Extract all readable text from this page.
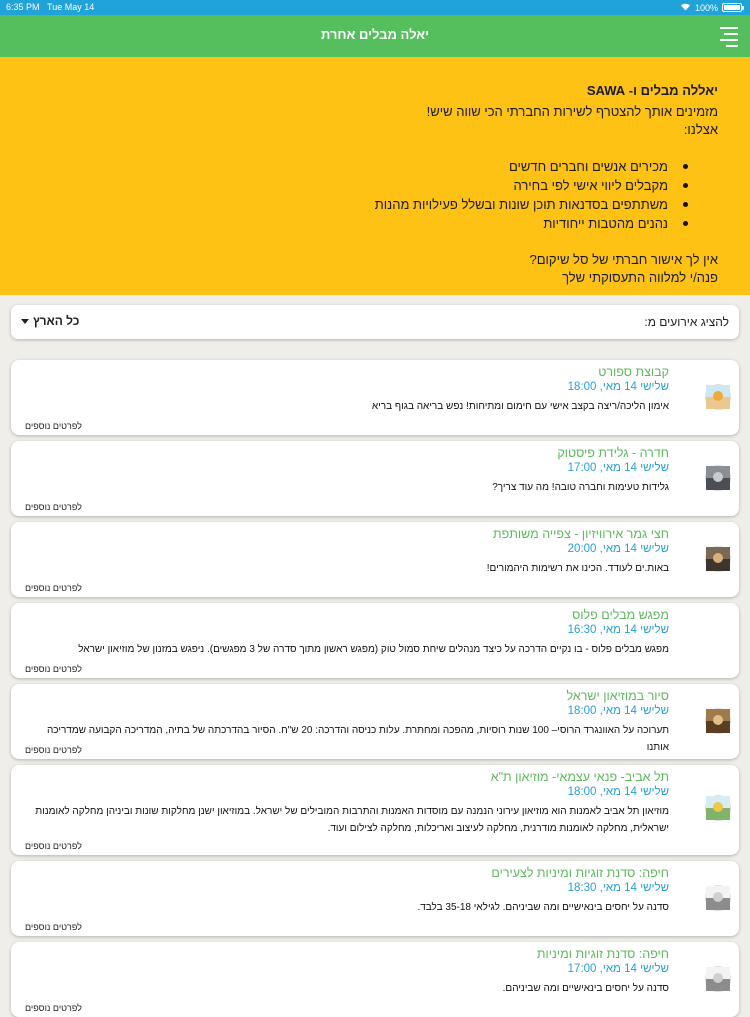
6:35 PM Tue May 14	100%
יאלה מבלים אחרת
יאללה מבלים ו- SAWA

מזמינים אותך להצטרף לשירות החברתי הכי שווה שיש!

אצלנו:

מכירים אנשים וחברים חדשים
מקבלים ליווי אישי לפי בחירה
משתתפים בסדנאות תוכן שונות ובשלל פעילויות מהנות
נהנים מהטבות ייחודיות

אין לך אישור חברתי של סל שיקום?

פנה/י למלווה התעסוקתי שלך

להציג אירועים מ:
כל הארץ
קבוצת ספורט
שלישי 14 מאי, 18:00
אימון הליכה/ריצה בקצב אישי עם חימום ומתיחות! נפש בריאה בגוף בריא
לפרטים נוספים
חדרה - גלידת פיסטוק
שלישי 14 מאי, 17:00
גלידות טעימות וחברה טובה! מה עוד צריך?
לפרטים נוספים
חצי גמר אירוויזיון - צפייה משותפת
שלישי 14 מאי, 20:00
באות.ים לעודד. הכינו את רשימות היהמורים!
לפרטים נוספים
מפגש מבלים פלוס
שלישי 14 מאי, 16:30
מפגש מבלים פלוס - בו נקיים הדרכה על כיצד מנהלים שיחת סמול טוק (מפגש ראשון מתוך סדרה של 3 מפגשים). ניפגש במזנון של מוזיאון ישראל
לפרטים נוספים
סיור במוזיאון ישראל
שלישי 14 מאי, 18:00
תערוכה על האוונגרד הרוסי– 100 שנות רוסיות, מהפכה ומחתרת. עלות כניסה והדרכה: 20 ש"ח. הסיור בהדרכתה של בתיה, המדריכה הקבועה שמדריכה אותנו
לפרטים נוספים
תל אביב- פנאי עצמאי- מוזיאון ת"א
שלישי 14 מאי, 18:00
מוזיאון תל אביב לאמנות הוא מוזיאון עירוני הנמנה עם מוסדות האמנות והתרבות המובילים של ישראל. במוזיאון ישנן מחלקות שונות וביניהן מחלקה לאומנות ישראלית, מחלקה לאומנות מודרנית, מחלקה לעיצוב ואריכלות, מחלקה לצילום ועוד.
לפרטים נוספים
חיפה: סדנת זוגיות ומיניות לצעירים
שלישי 14 מאי, 18:30
סדנה על יחסים בינאישיים ומה שביניהם. לגילאי 35-18 בלבד.
לפרטים נוספים
חיפה: סדנת זוגיות ומיניות
שלישי 14 מאי, 17:00
סדנה על יחסים בינאישיים ומה שביניהם.
לפרטים נוספים
